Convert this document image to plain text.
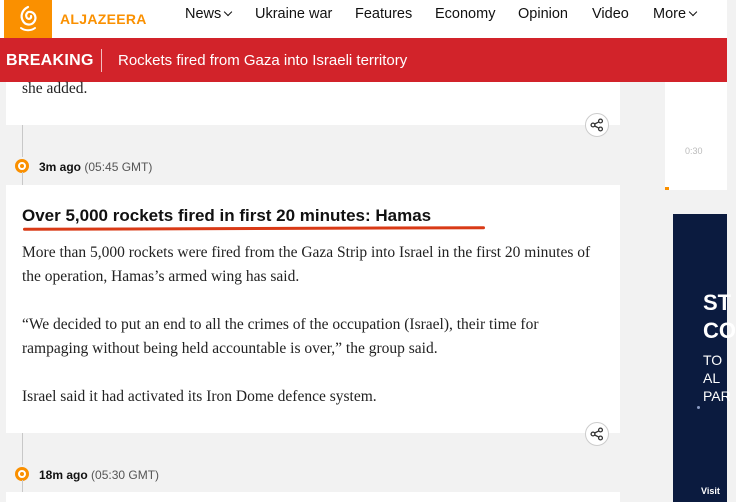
ALJAZEERA	News	Ukraine war Features Economy Opinion Video More
BREAKING Rockets fired from Gaza into Israeli territory
she added.
3m ago (05:45 GMT)
Over 5,000 rockets fired in first 20 minutes: Hamas
More than 5,000 rockets were fired from the Gaza Strip into Israel in the first 20 minutes of the operation, Hamas’s armed wing has said.
“We decided to put an end to all the crimes of the occupation (Israel), their time for rampaging without being held accountable is over,” the group said.
Israel said it had activated its Iron Dome defence system.
18m ago (05:30 GMT)
0:30
ST
CO
TO
AL
PAR
Visit
